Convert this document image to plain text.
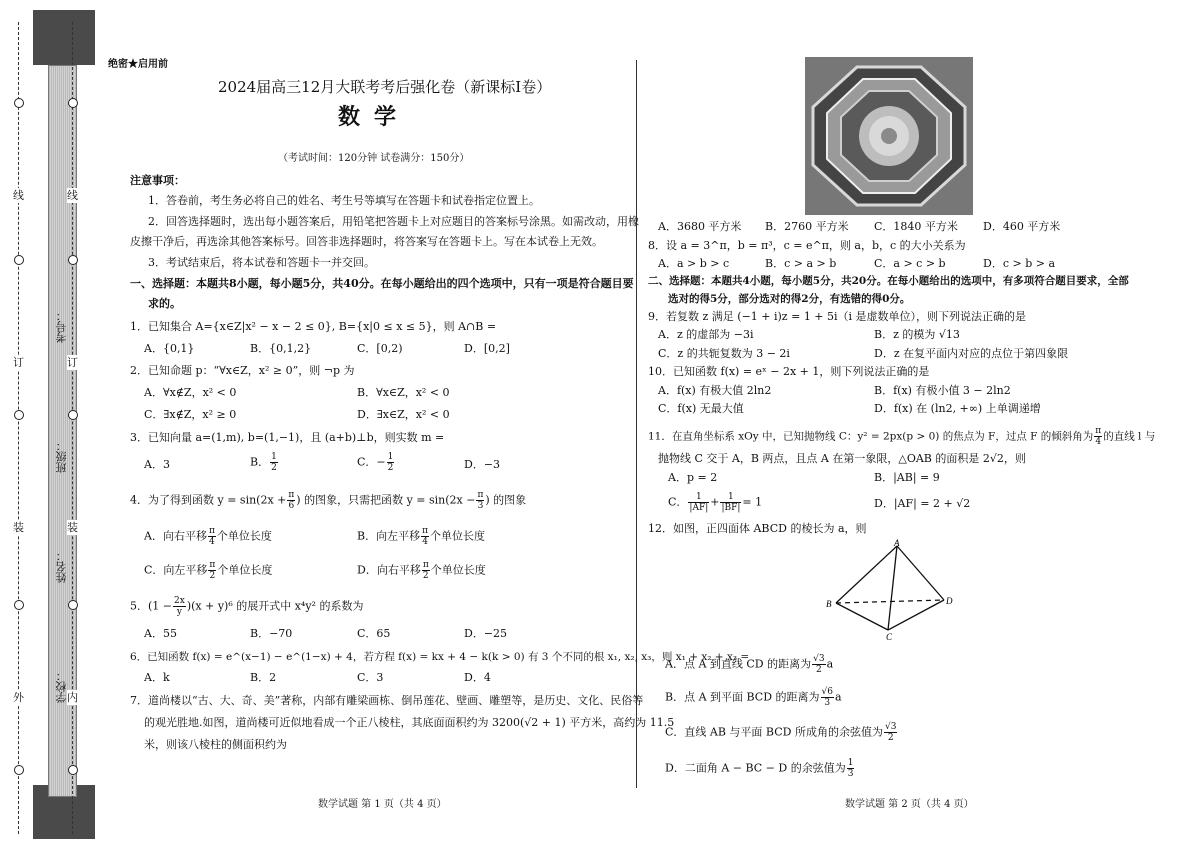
线
订
装
外
线
订
装
内
考号：
班级：
姓名：
学校：
绝密★启用前
2024届高三12月大联考考后强化卷（新课标I卷）
数学
（考试时间：120分钟 试卷满分：150分）
注意事项：
1．答卷前，考生务必将自己的姓名、考生号等填写在答题卡和试卷指定位置上。
2．回答选择题时，选出每小题答案后，用铅笔把答题卡上对应题目的答案标号涂黑。如需改动，用橡
皮擦干净后，再选涂其他答案标号。回答非选择题时，将答案写在答题卡上。写在本试卷上无效。
3．考试结束后，将本试卷和答题卡一并交回。
一、选择题：本题共8小题，每小题5分，共40分。在每小题给出的四个选项中，只有一项是符合题目要
求的。
1．已知集合 A={x∈Z|x² − x − 2 ≤ 0}, B={x|0 ≤ x ≤ 5}，则 A∩B =
A．{0,1}	B．{0,1,2}	C．[0,2)	D．[0,2]
2．已知命题 p：“∀x∈Z，x² ≥ 0”，则 ¬p 为
A．∀x∉Z，x² < 0	B．∀x∈Z，x² < 0
C．∃x∉Z，x² ≥ 0	D．∃x∈Z，x² < 0
3．已知向量 a=(1,m), b=(1,−1)，且 (a+b)⊥b，则实数 m =
A．3	B． $\frac{1}{2}$	C．− $\frac{1}{2}$	D．−3
4．为了得到函数 $y = \sin(2x + \frac{\pi}{6}$ ) 的图象，只需把函数 $y = \sin(2x - \frac{\pi}{3}$ ) 的图象
A．向右平移 $\frac{\pi}{4}$ 个单位长度	B．向左平移 $\frac{\pi}{4}$ 个单位长度
C．向左平移 $\frac{\pi}{2}$ 个单位长度	D．向右平移 $\frac{\pi}{2}$ 个单位长度
5．$(1 - \frac{2x}{y} )(x + y)^6$ 的展开式中 x⁴y² 的系数为
A．55	B．−70	C．65	D．−25
6．已知函数 f(x) = e^(x−1) − e^(1−x) + 4，若方程 f(x) = kx + 4 − k(k > 0) 有 3 个不同的根 x₁, x₂, x₃，则 x₁ + x₂ + x₃ =
A．k	B．2	C．3	D．4
7．道尚楼以“古、大、奇、美”著称，内部有雕梁画栋、倒吊莲花、壁画、雕塑等，是历史、文化、民俗等
的观光胜地.如图，道尚楼可近似地看成一个正八棱柱，其底面面积约为 3200(√2 + 1) 平方米，高约为 11.5
米，则该八棱柱的侧面积约为
数学试题 第 1 页（共 4 页）
A．3680 平方米 B．2760 平方米 C．1840 平方米 D．460 平方米
8．设 a = 3^π，b = π³，c = e^π，则 a，b，c 的大小关系为
A．a > b > c	B．c > a > b	C．a > c > b	D．c > b > a
二、选择题：本题共4小题，每小题5分，共20分。在每小题给出的选项中，有多项符合题目要求，全部
选对的得5分，部分选对的得2分，有选错的得0分。
9．若复数 z 满足 (−1 + i)z = 1 + 5i（i 是虚数单位），则下列说法正确的是
A．z 的虚部为 −3i	B．z 的模为 √13
C．z 的共轭复数为 3 − 2i	D．z 在复平面内对应的点位于第四象限
10．已知函数 f(x) = eˣ − 2x + 1，则下列说法正确的是
A．f(x) 有极大值 2ln2	B．f(x) 有极小值 3 − 2ln2
C．f(x) 无最大值	D．f(x) 在 (ln2, +∞) 上单调递增
11．在直角坐标系 xOy 中，已知抛物线 C：y² = 2px(p > 0) 的焦点为 F，过点 F 的倾斜角为 $\frac{\pi}{4}$ 的直线 l 与
抛物线 C 交于 A，B 两点，且点 A 在第一象限，△OAB 的面积是 2√2，则
A．p = 2	B．|AB| = 9
C． $\frac{1}{|AF|} + \frac{1}{|BF|} = 1$	D．|AF| = 2 + √2
12．如图，正四面体 ABCD 的棱长为 a，则
A
B
C
D
A．点 A 到直线 CD 的距离为 $\frac{√3}{2}$ a
B．点 A 到平面 BCD 的距离为 $\frac{√6}{3}$ a
C．直线 AB 与平面 BCD 所成角的余弦值为 $\frac{√3}{2}$
D．二面角 A − BC − D 的余弦值为 $\frac{1}{3}$
数学试题 第 2 页（共 4 页）
